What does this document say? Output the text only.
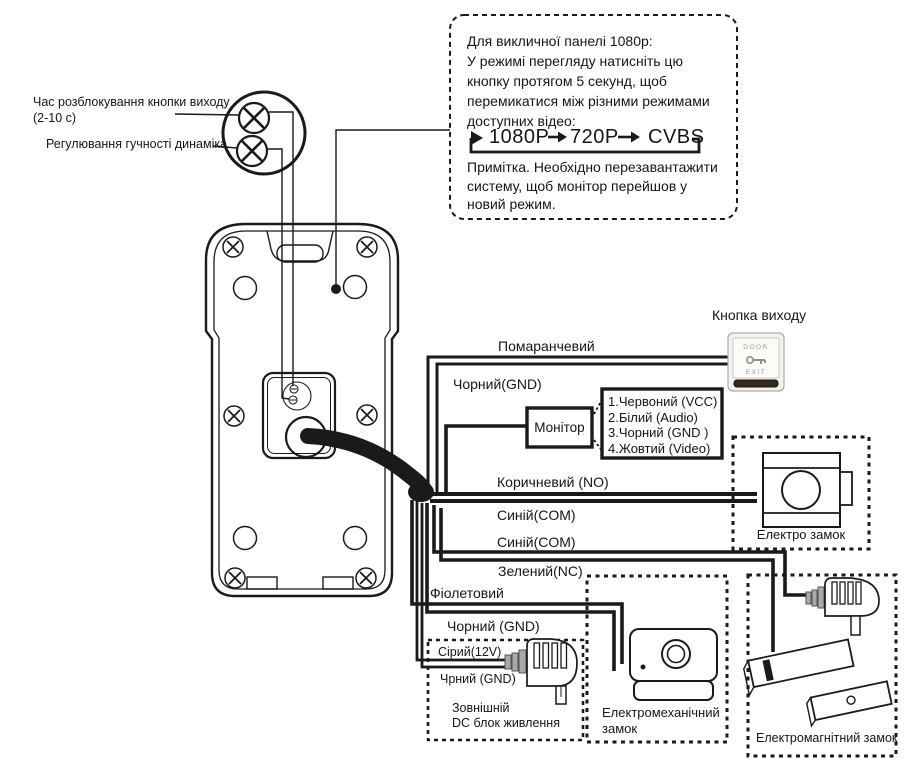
DOOR
EXIT
Час розблокування кнопки виходу
(2-10 с)
Регулювання гучності динаміка
Для викличної панелі 1080p:
У режимі перегляду натисніть цю
кнопку протягом 5 секунд, щоб
перемикатися між різними режимами
доступних відео:
1080P 720P CVBS
Примітка. Необхідно перезавантажити
систему, щоб монітор перейшов у
новий режим.
Кнопка виходу
Помаранчевий
Чорний(GND)
Монітор
1.Червоний (VCC)
2.Білий (Audio)
3.Чорний (GND )
4.Жовтий (Video)
Коричневий (NO)
Синій(COM)
Синій(COM)
Зелений(NC)
Фіолетовий
Чорний (GND)
Сірий(12V)
Чрний (GND)
Зовнішній
DC блок живлення
Електро замок
Електромеханічний
замок
Електромагнітний замок
